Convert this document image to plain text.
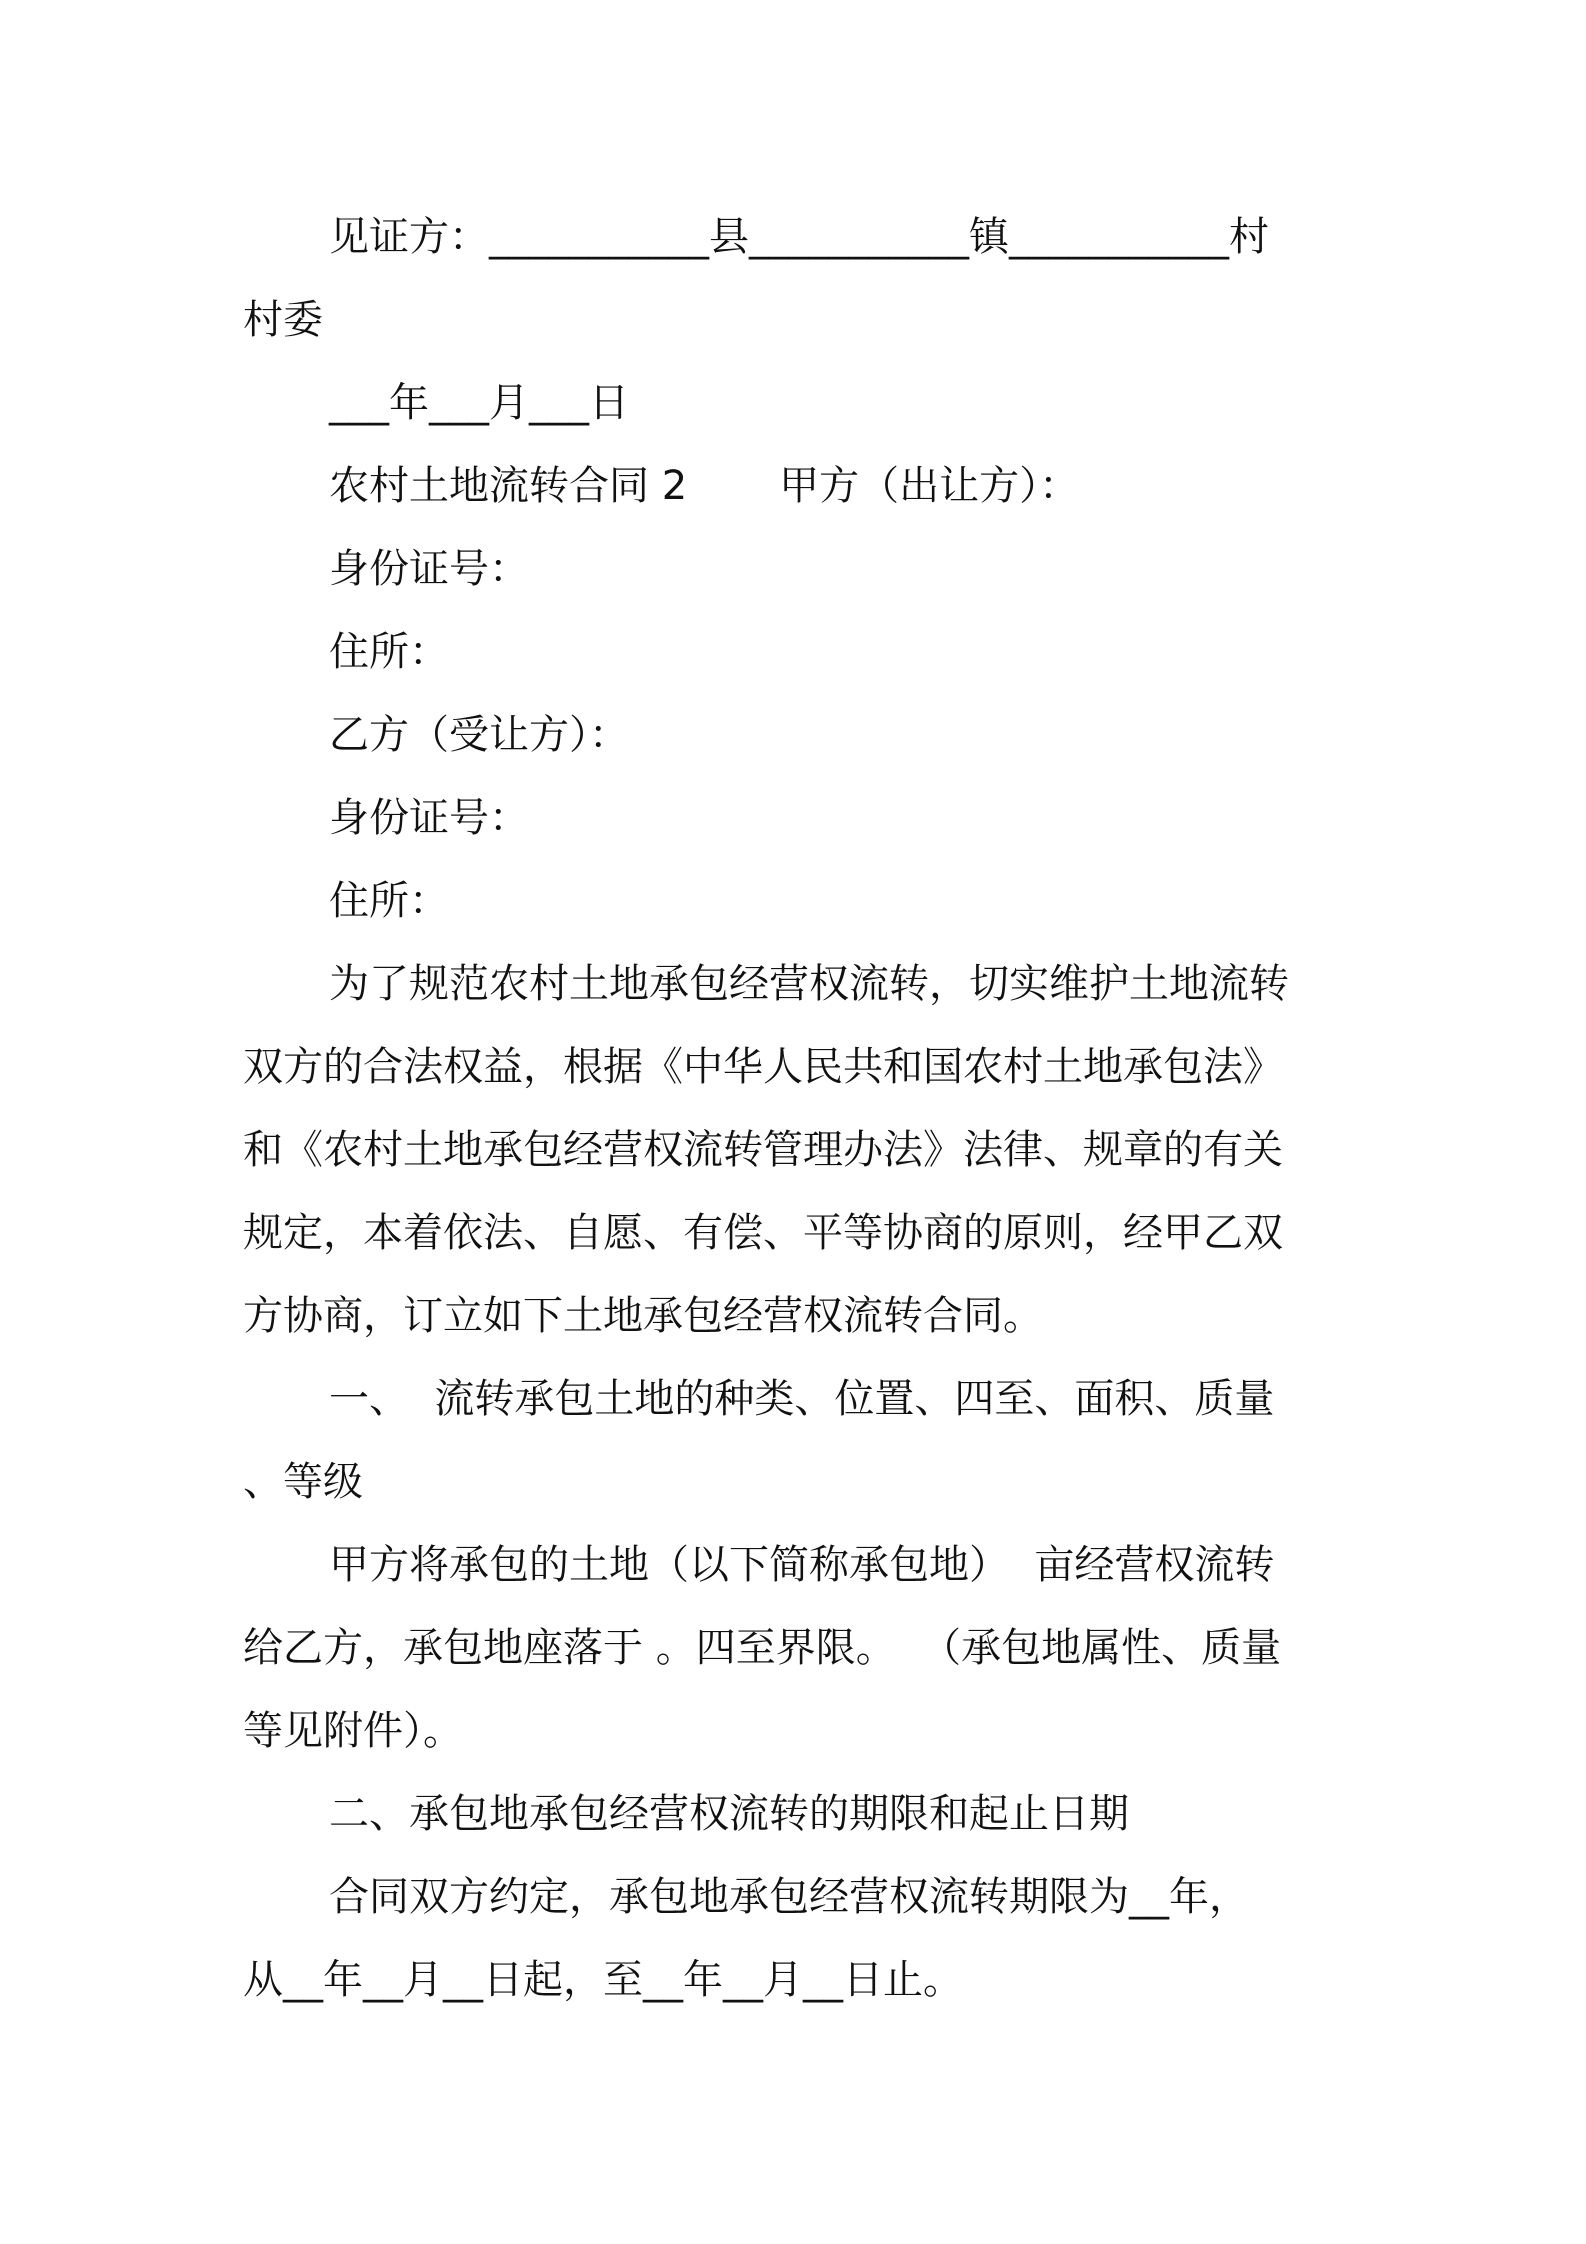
见证方：___________县___________镇___________村
村委
___年___月___日
农村土地流转合同 2 甲方（出让方）：
身份证号：
住所：
乙方（受让方）：
身份证号：
住所：
为了规范农村土地承包经营权流转，切实维护土地流转
双方的合法权益，根据《中华人民共和国农村土地承包法》
和《农村土地承包经营权流转管理办法》法律、规章的有关
规定，本着依法、自愿、有偿、平等协商的原则，经甲乙双
方协商，订立如下土地承包经营权流转合同。
一、  流转承包土地的种类、位置、四至、面积、质量
、等级
甲方将承包的土地（以下简称承包地）  亩经营权流转
给乙方，承包地座落于 。四至界限。  （承包地属性、质量
等见附件）。
二、承包地承包经营权流转的期限和起止日期
合同双方约定，承包地承包经营权流转期限为__年，
从__年__月__日起，至__年__月__日止。
